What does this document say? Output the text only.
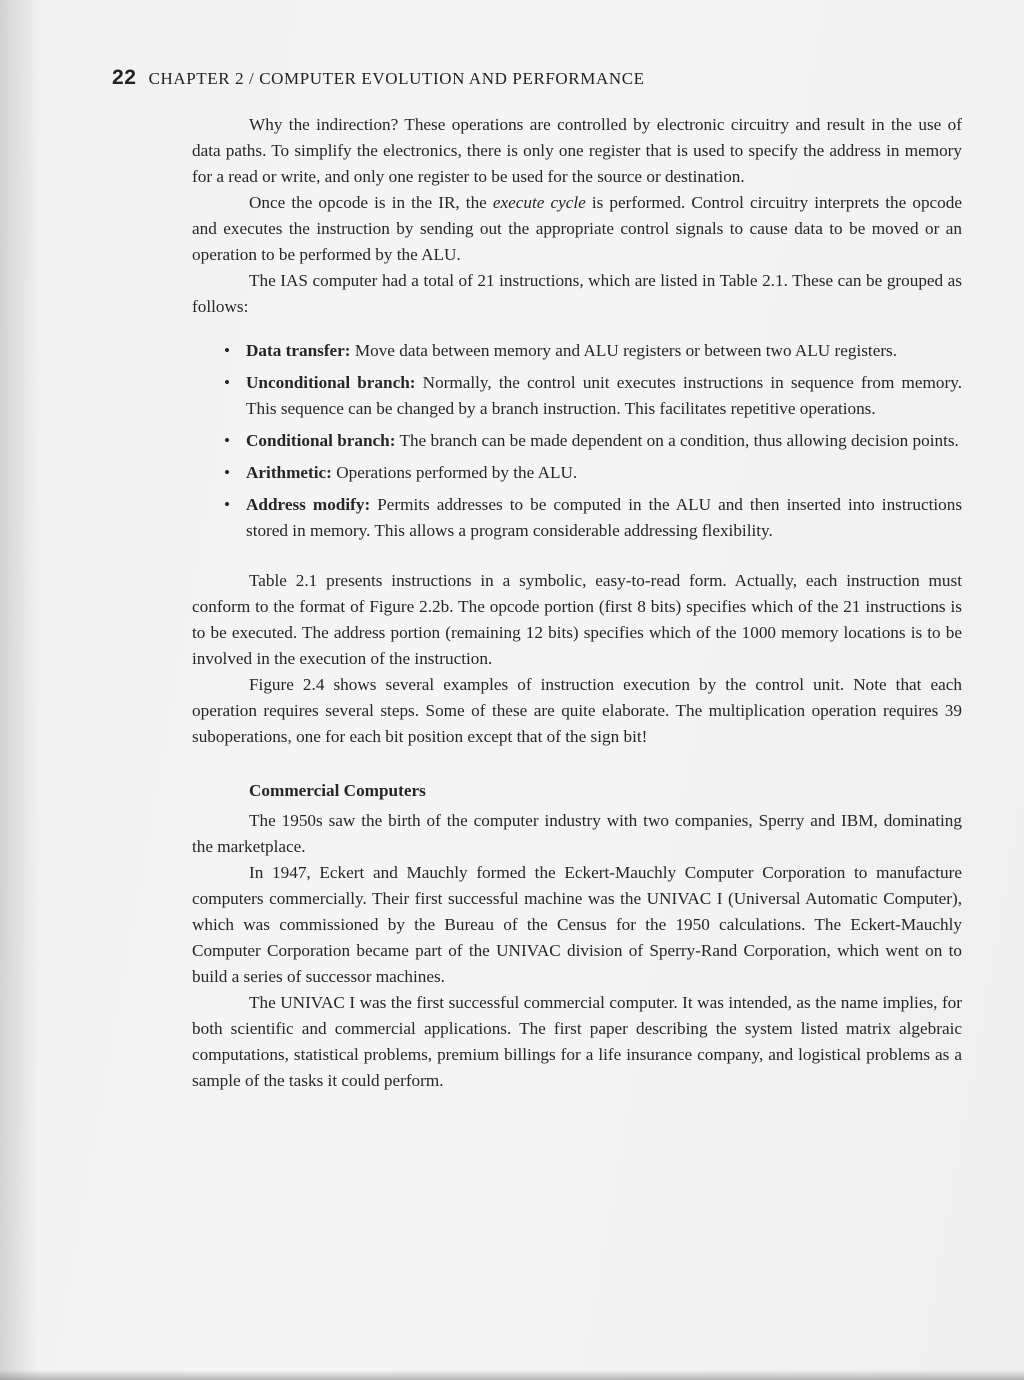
22 CHAPTER 2 / COMPUTER EVOLUTION AND PERFORMANCE

Why the indirection? These operations are controlled by electronic circuitry and result in the use of data paths. To simplify the electronics, there is only one register that is used to specify the address in memory for a read or write, and only one register to be used for the source or destination.

Once the opcode is in the IR, the execute cycle is performed. Control circuitry interprets the opcode and executes the instruction by sending out the appropriate control signals to cause data to be moved or an operation to be performed by the ALU.

The IAS computer had a total of 21 instructions, which are listed in Table 2.1. These can be grouped as follows:

• Data transfer: Move data between memory and ALU registers or between two ALU registers.
• Unconditional branch: Normally, the control unit executes instructions in sequence from memory. This sequence can be changed by a branch instruction. This facilitates repetitive operations.
• Conditional branch: The branch can be made dependent on a condition, thus allowing decision points.
• Arithmetic: Operations performed by the ALU.
• Address modify: Permits addresses to be computed in the ALU and then inserted into instructions stored in memory. This allows a program considerable addressing flexibility.

Table 2.1 presents instructions in a symbolic, easy-to-read form. Actually, each instruction must conform to the format of Figure 2.2b. The opcode portion (first 8 bits) specifies which of the 21 instructions is to be executed. The address portion (remaining 12 bits) specifies which of the 1000 memory locations is to be involved in the execution of the instruction.

Figure 2.4 shows several examples of instruction execution by the control unit. Note that each operation requires several steps. Some of these are quite elaborate. The multiplication operation requires 39 suboperations, one for each bit position except that of the sign bit!

Commercial Computers

The 1950s saw the birth of the computer industry with two companies, Sperry and IBM, dominating the marketplace.

In 1947, Eckert and Mauchly formed the Eckert-Mauchly Computer Corporation to manufacture computers commercially. Their first successful machine was the UNIVAC I (Universal Automatic Computer), which was commissioned by the Bureau of the Census for the 1950 calculations. The Eckert-Mauchly Computer Corporation became part of the UNIVAC division of Sperry-Rand Corporation, which went on to build a series of successor machines.

The UNIVAC I was the first successful commercial computer. It was intended, as the name implies, for both scientific and commercial applications. The first paper describing the system listed matrix algebraic computations, statistical problems, premium billings for a life insurance company, and logistical problems as a sample of the tasks it could perform.
